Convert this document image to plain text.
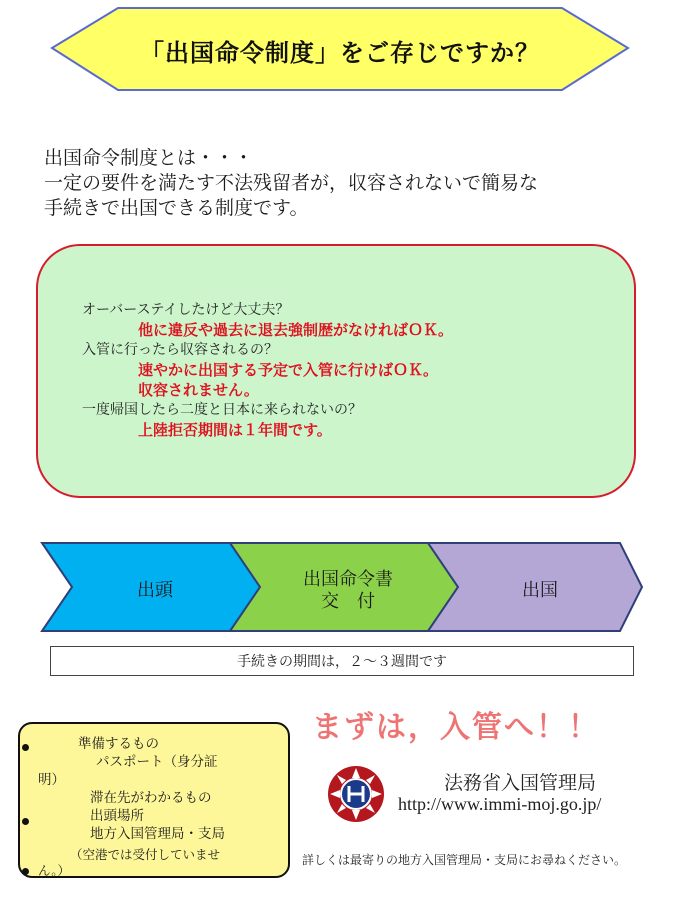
「出国命令制度」をご存じですか？
出国命令制度とは・・・
一定の要件を満たす不法残留者が，収容されないで簡易な
手続きで出国できる制度です。
オーバーステイしたけど大丈夫？
他に違反や過去に退去強制歴がなければＯＫ。
入管に行ったら収容されるの？
速やかに出国する予定で入管に行けばＯＫ。
収容されません。
一度帰国したら二度と日本に来られないの？
上陸拒否期間は１年間です。
出頭
出国命令書
交　付
出国
手続きの期間は，２～３週間です
準備するもの
パスポート（身分証
明）
滞在先がわかるもの
出頭場所
地方入国管理局・支局
（空港では受付していませ
ん。）
まずは，入管へ！！
法務省入国管理局
http://www.immi-moj.go.jp/
詳しくは最寄りの地方入国管理局・支局にお尋ねください。
